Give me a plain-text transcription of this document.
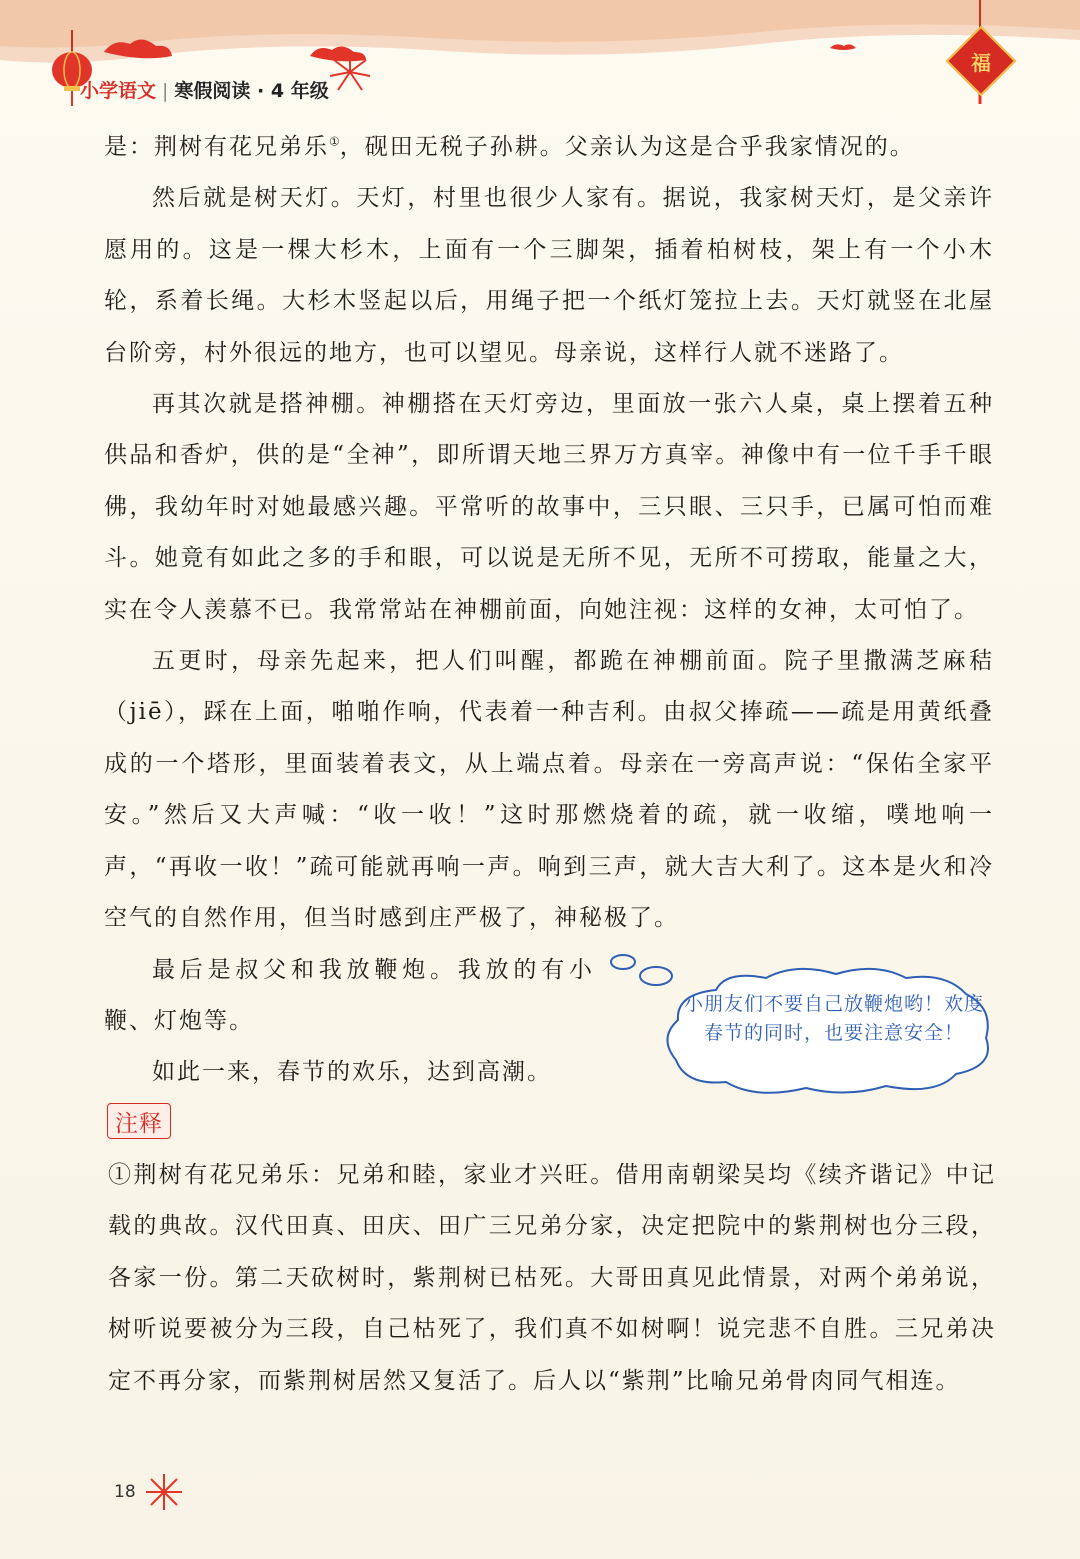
小学语文 | 寒假阅读 · 4 年级
福

是：荆树有花兄弟乐①，砚田无税子孙耕。父亲认为这是合乎我家情况的。

然后就是树天灯。天灯，村里也很少人家有。据说，我家树天灯，是父亲许愿用的。这是一棵大杉木，上面有一个三脚架，插着柏树枝，架上有一个小木轮，系着长绳。大杉木竖起以后，用绳子把一个纸灯笼拉上去。天灯就竖在北屋台阶旁，村外很远的地方，也可以望见。母亲说，这样行人就不迷路了。

再其次就是搭神棚。神棚搭在天灯旁边，里面放一张六人桌，桌上摆着五种供品和香炉，供的是“全神”，即所谓天地三界万方真宰。神像中有一位千手千眼佛，我幼年时对她最感兴趣。平常听的故事中，三只眼、三只手，已属可怕而难斗。她竟有如此之多的手和眼，可以说是无所不见，无所不可捞取，能量之大，实在令人羡慕不已。我常常站在神棚前面，向她注视：这样的女神，太可怕了。

五更时，母亲先起来，把人们叫醒，都跪在神棚前面。院子里撒满芝麻秸（jiē），踩在上面，啪啪作响，代表着一种吉利。由叔父捧疏——疏是用黄纸叠成的一个塔形，里面装着表文，从上端点着。母亲在一旁高声说：“保佑全家平安。”然后又大声喊：“收一收！”这时那燃烧着的疏，就一收缩，噗地响一声，“再收一收！”疏可能就再响一声。响到三声，就大吉大利了。这本是火和冷空气的自然作用，但当时感到庄严极了，神秘极了。

最后是叔父和我放鞭炮。我放的有小鞭、灯炮等。

如此一来，春节的欢乐，达到高潮。

小朋友们不要自己放鞭炮哟！欢度春节的同时，也要注意安全！
注释
①荆树有花兄弟乐：兄弟和睦，家业才兴旺。借用南朝梁吴均《续齐谐记》中记载的典故。汉代田真、田庆、田广三兄弟分家，决定把院中的紫荆树也分三段，各家一份。第二天砍树时，紫荆树已枯死。大哥田真见此情景，对两个弟弟说，树听说要被分为三段，自己枯死了，我们真不如树啊！说完悲不自胜。三兄弟决定不再分家，而紫荆树居然又复活了。后人以“紫荆”比喻兄弟骨肉同气相连。
18
